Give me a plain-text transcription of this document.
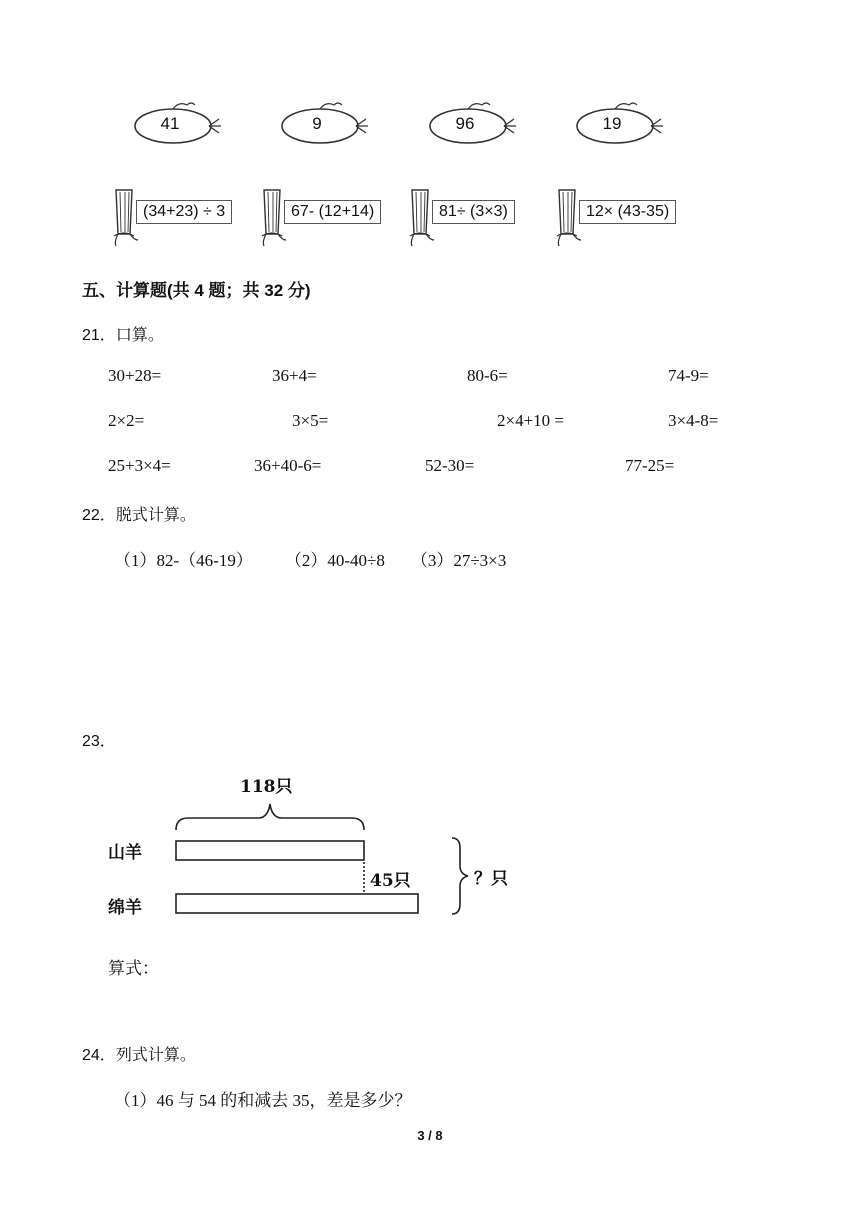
41	9	96	19
(34+23) ÷ 3	67- (12+14)	81÷ (3×3)	12× (43-35)
五、计算题(共 4 题；共 32 分)
21．口算。
30+28=	36+4=	80-6=	74-9=
2×2=	3×5=	2×4+10 =	3×4-8=
25+3×4=	36+40-6=	52-30=	77-25=
22．脱式计算。
（1）82-（46-19） （2）40-40÷8 （3）27÷3×3
23．
118只
山羊
绵羊
45只	？只
算式：
24．列式计算。
（1）46 与 54 的和减去 35，差是多少？
3 / 8
